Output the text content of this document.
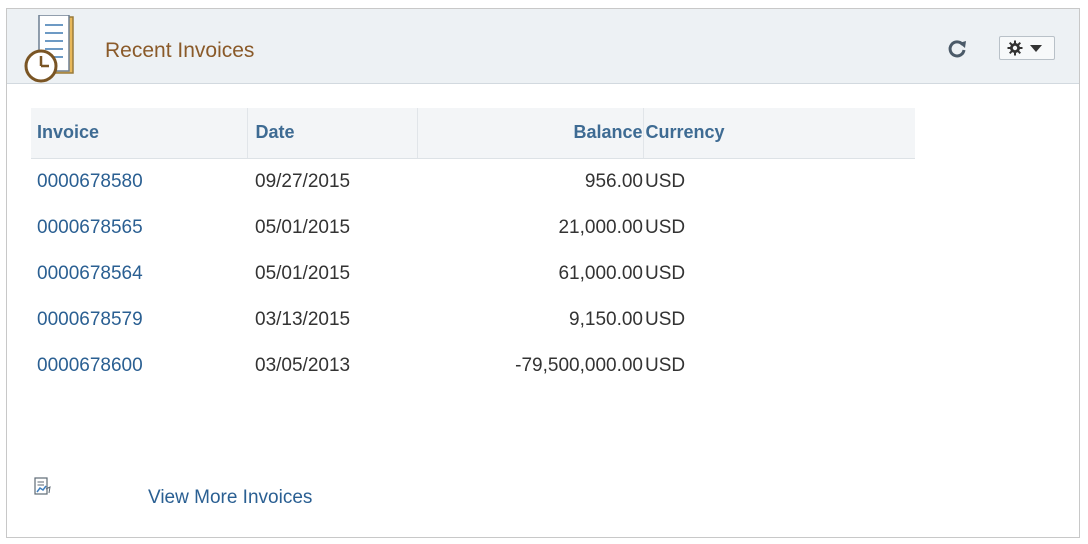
Recent Invoices
Invoice	Date	Balance	Currency
0000678580	09/27/2015	956.00	USD
0000678565	05/01/2015	21,000.00	USD
0000678564	05/01/2015	61,000.00	USD
0000678579	03/13/2015	9,150.00	USD
0000678600	03/05/2013	-79,500,000.00	USD
View More Invoices
